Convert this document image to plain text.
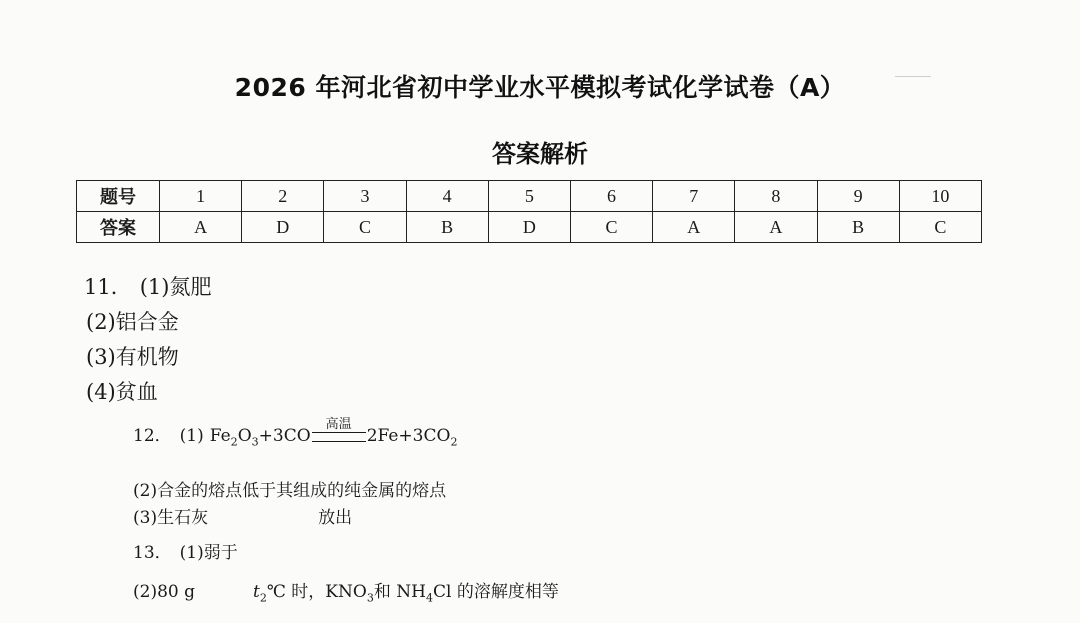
2026 年河北省初中学业水平模拟考试化学试卷（A）
答案解析
题号	1	2	3	4	5	6	7	8	9	10
答案	A	D	C	B	D	C	A	A	B	C
11． (1)氮肥
(2)铝合金
(3)有机物
(4)贫血
12． (1) $Fe_2O_3+3CO$
高温
$2Fe+3CO_2$
(2)合金的熔点低于其组成的纯金属的熔点
(3)生石灰	放出
13． (1)弱于
(2)80 g	$t_2℃$ 时，$KNO_3$和 $NH_4Cl$ 的溶解度相等
